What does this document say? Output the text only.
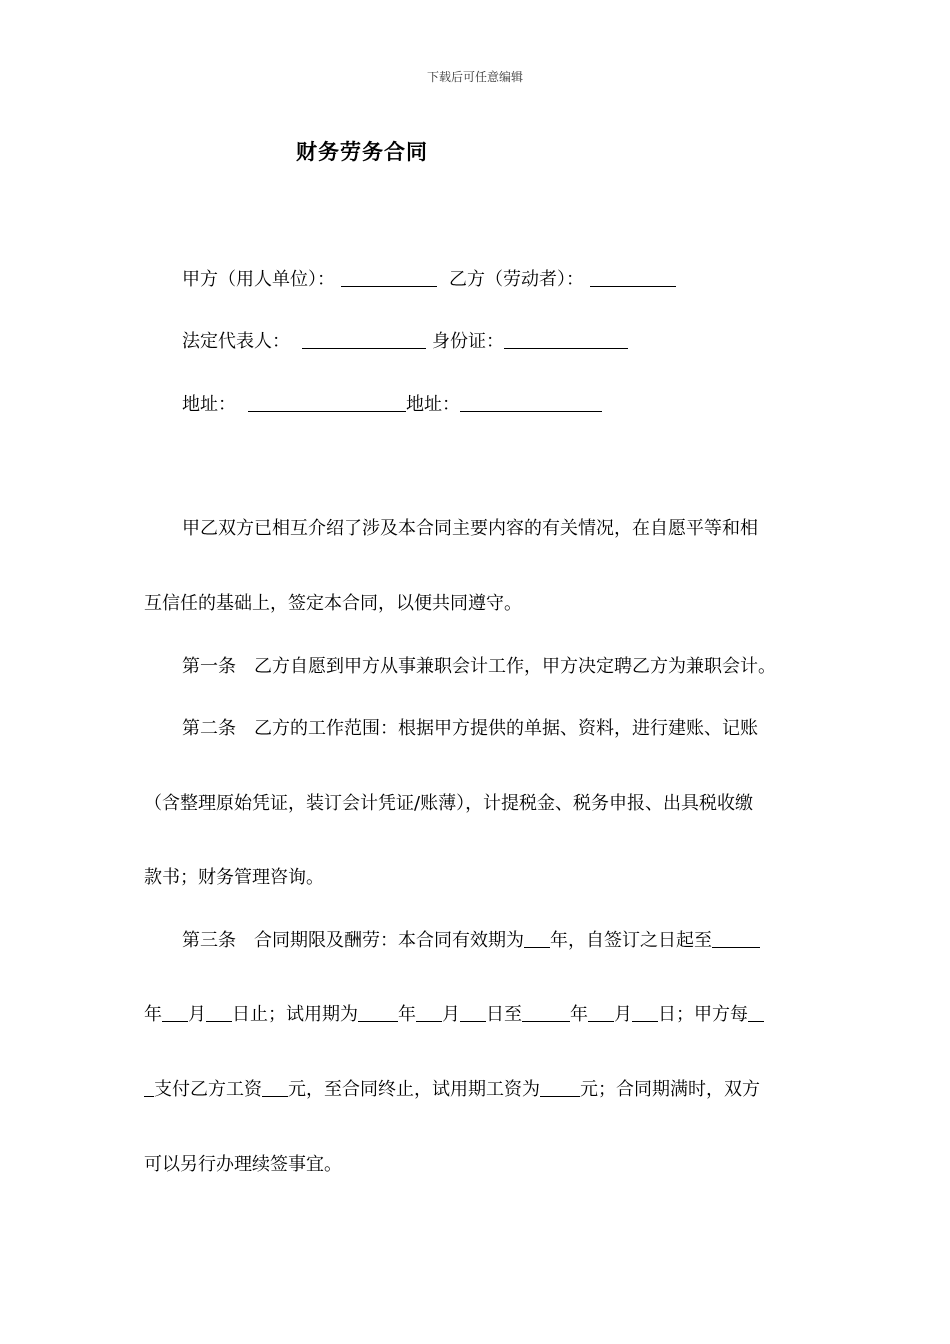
下载后可任意编辑
财务劳务合同
甲方（用人单位）：	乙方（劳动者）：
法定代表人：	身份证：
地址：	地址：
甲乙双方已相互介绍了涉及本合同主要内容的有关情况，在自愿平等和相
互信任的基础上，签定本合同，以便共同遵守。
第一条　乙方自愿到甲方从事兼职会计工作，甲方决定聘乙方为兼职会计。
第二条　乙方的工作范围：根据甲方提供的单据、资料，进行建账、记账
（含整理原始凭证，装订会计凭证/账薄），计提税金、税务申报、出具税收缴
款书；财务管理咨询。
第三条　合同期限及酬劳：本合同有效期为 年，自签订之日起至
年 月 日止；试用期为 年 月 日至	年 月 日；甲方每
支付乙方工资 元，至合同终止，试用期工资为 元；合同期满时，双方
可以另行办理续签事宜。
